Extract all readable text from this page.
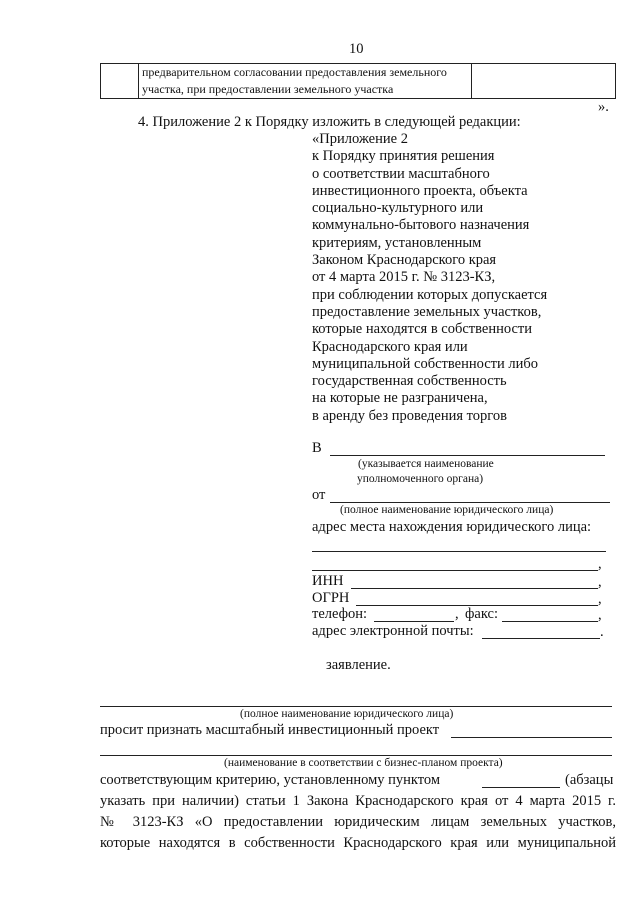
10

предварительном согласовании предоставления земельного
участка, при предоставлении земельного участка

».
4. Приложение 2 к Порядку изложить в следующей редакции:
«Приложение 2
к Порядку принятия решения
о соответствии масштабного
инвестиционного проекта, объекта
социально-культурного или
коммунально-бытового назначения
критериям, установленным
Законом Краснодарского края
от 4 марта 2015 г. № 3123-КЗ,
при соблюдении которых допускается
предоставление земельных участков,
которые находятся в собственности
Краснодарского края или
муниципальной собственности либо
государственная собственность
на которые не разграничена,
в аренду без проведения торгов
В
(указывается наименование
уполномоченного органа)
от
(полное наименование юридического лица)
адрес места нахождения юридического лица:
,
ИНН	,
ОГРН	,
телефон:	, факс:	,
адрес электронной почты:	.
заявление.
(полное наименование юридического лица)
просит признать масштабный инвестиционный проект
(наименование в соответствии с бизнес-планом проекта)
соответствующим критерию, установленному пунктом	(абзацы
указать при наличии) статьи 1 Закона Краснодарского края от 4 марта 2015 г.
№ 3123-КЗ «О предоставлении юридическим лицам земельных участков,
которые находятся в собственности Краснодарского края или муниципальной
